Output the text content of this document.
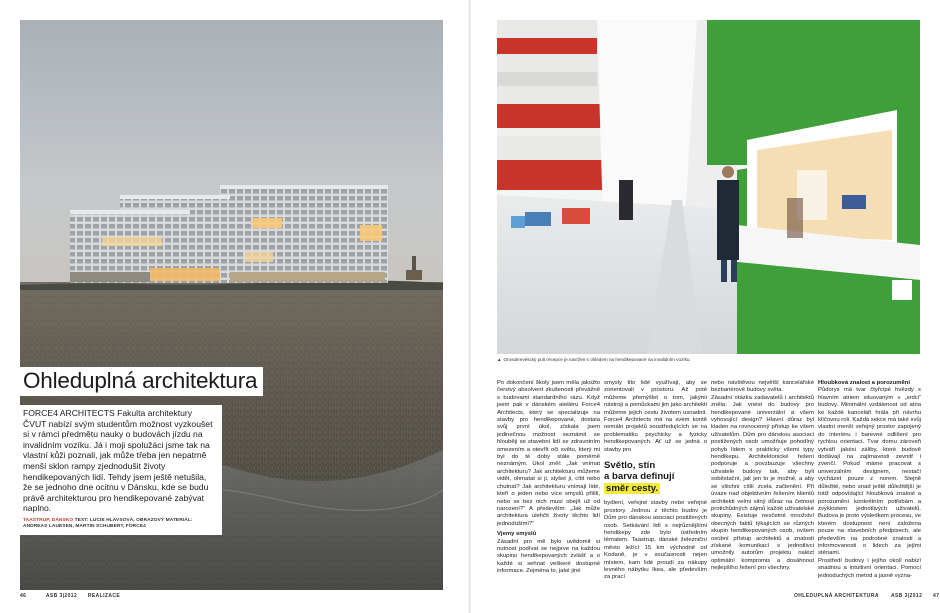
Ohleduplná architektura

FORCE4 ARCHITECTS Fakulta architektury ČVUT nabízí svým studentům možnost vyzkoušet si v rámci předmětu nauky o budovách jízdu na invalidním vozíku. Já i moji spolužáci jsme tak na vlastní kůži poznali, jak může třeba jen nepatrně menší sklon rampy zjednodušit životy hendikepovaných lidí. Tehdy jsem ještě netušila, že se jednoho dne ocitnu v Dánsku, kde se budu právě architekturou pro hendikepované zabývat naplno.

TAASTRUP, DÁNSKO TEXT: LUCIE HLAVSOVÁ, OBRAZOVÝ MATERIÁL: ANDREAS LAUESEN, MARTIN SCHUBERT, FORCE4

46	ASB 3|2012 REALIZACE
▲ Orosukrevéscký pult recepce je navržen s ohledem na hendikepované na invalidním vozíku.

Po dokončení školy jsem měla jakožto čerstvý absolvent zkušenosti převážně s budovami standardního rázu. Když jsem pak v dánském ateliéru Force4 Architects, který se specializuje na stavby pro hendikepované, dostala svůj první úkol, získala jsem jedinečnou možnost seznámit se hlouběji se stavební lidí se zdravotním omezením a otevřít oči světu, který mi byl do té doby stále poměrně neznámým. Ukol zněl: „Jak vnímat architekturu? Jak architekturu můžeme vidět, ohmatat si ji, slyšet ji, cítit nebo chutnat? Jak architekturu vnímají lidé, kteří o jeden nebo více smyslů přišli, nebo se bez nich musí obejít už od narození?“ A především: „Jak může architektura ulehčit životy těchto lidí jednodušími?“

Vjemy smyslů

Zásadní pro mě bylo uvědomit si nutnost podívat se nejprve na každou skupinu hendikepovaných zvlášť a o každé si sehnat veškeré dostupné informace. Zejména to, jaké jiné

smysly tito lidé využívají, aby se zorientovali v prostoru. Až poté můžeme přemýšlet o tom, jakými nástroji a pomůckami jim jako architekti můžeme jejich cestu životem usnadnit. Force4 Architects má na svém kontě nemálo projektů soustředujících se na problematiku psychicky a fyzicky hendikepovaných. Ať už se jedná o stavby pro

Světlo, stín
a barva definují
směr cesty.

bydlení, veřejné stavby nebo veřejné prostory. Jednou z těchto budov je Dům pro dánskou asociaci postižených osob. Setkávání lidí s nejrůznějšími hendikepy zde bylo ústředním tématem. Taastrup, dánské železniční město ležící 15 km východně od Kodaně, je v současnosti nejen místem, kam lidé proudí za nákupy levného nábytku Ikea, ale především za prací

nebo návštěvou největší kancelářské bezbariérové budovy světa.

Zásadní otázka zadavatelů i architektů zněla: Jak vnést do budovy pro hendikepované univerzální a všem vyhovující design? Hlavní důraz byl kladen na rovnocenný přístup ke všem uživatelům. Dům pro dánskou asociaci postižených osob umožňuje pohodlný pohyb lidem s prakticky všemi typy hendikepu. Architektonické řešení podporuje a povzbuzuje všechny uživatele budovy tak, aby byli soběstační, jak jen to je možné, a aby se všichni cítili zcela začlenění. Při úvaze nad objektivním řešením klientů architekti velmi silný důraz na četnost protichůdných zájmů každé uživatelské skupiny. Existuje nesčetné množství obecných faktů týkajících se různých skupin hendikepovaných osob, ovšem osobní přístup architektů a znalosti získané komunikací s jednotlivci umožnily autorům projektu nalézt optimální kompromis a dosáhnout nejlepšího řešení pro všechny.

Hloubková znalost a porozumění

Půdorys má tvar čtyřcípé hvězdy s hlavním atriem situovaným v „srdci“ budovy. Minimální vzdálenost od atria ke každé kanceláři hrála při návrhu klíčovou roli. Každá sekce má také svůj vlastní menší veřejný prostor zapojený do interiéru i barevné odlišení pro rychlou orientaci. Tvar domu zároveň vytváří jakési záliby, které budově dodávají na zajímavosti zevnitř i zvenčí. Pokud máme pracovat s univerzálním designem, nestačí vycházet pouze z norem. Stejně důležité, nebo snad ještě důležitější je totiž odpovídající hloubková znalost a porozumění konkrétním potřebám a zvyklostem jednotlivých uživatelů. Budova je proto výsledkem procesu, ve kterém dostupnost není založena pouze na stavebních předpisech, ale především na podrobné znalosti a informovanosti o lidech za jejími stěnami.

Prostředí budovy i jejího okolí nabízí snadnou a intuitivní orientaci. Pomocí jednoduchých metod a jasně vyzna-

OHLEDUPLNÁ ARCHITEKTURA ASB 3|2012 47
